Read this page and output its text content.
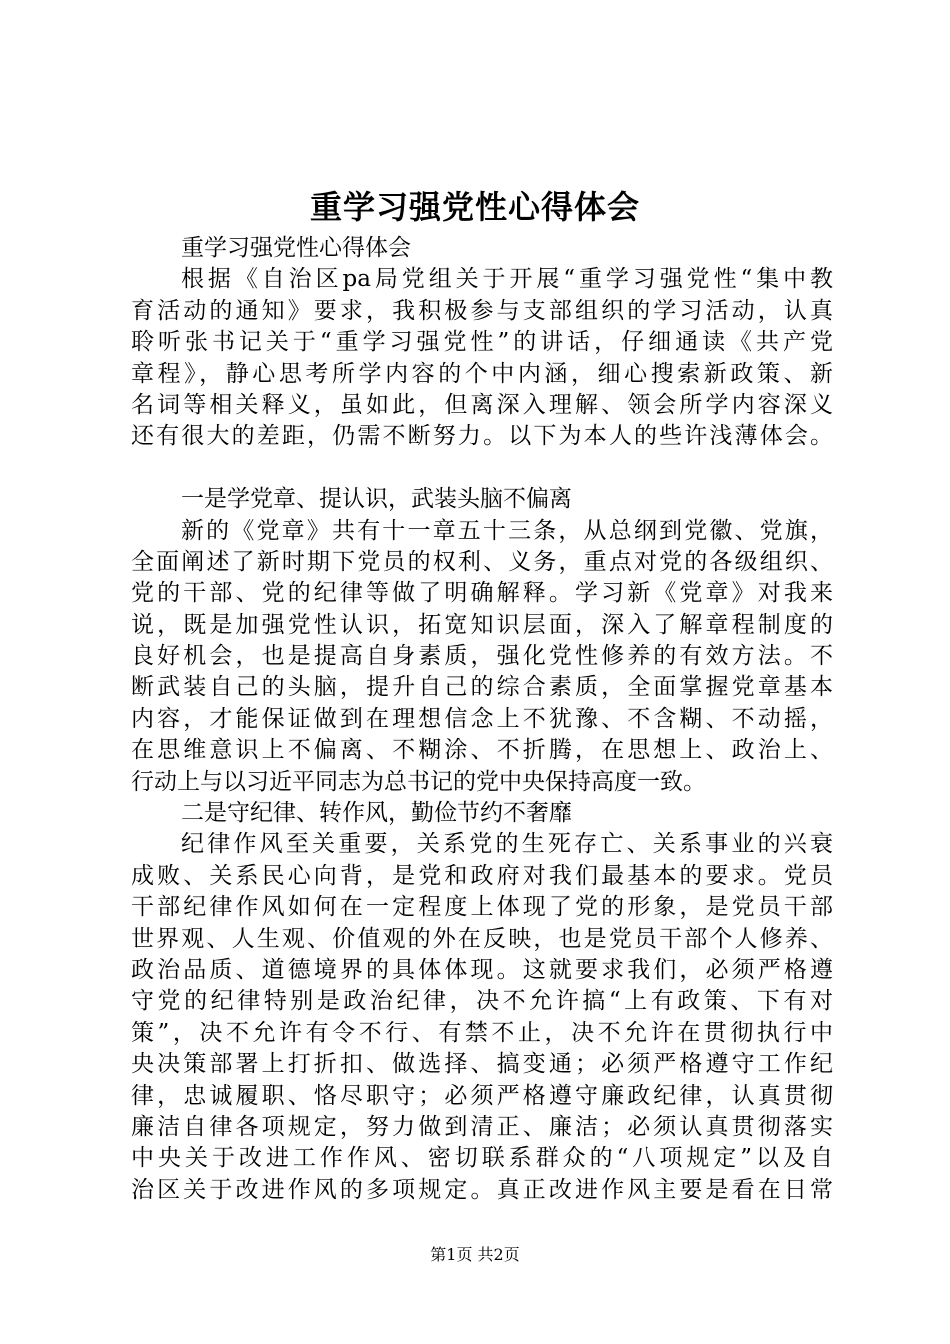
重学习强党性心得体会
重学习强党性心得体会
根据《自治区pa局党组关于开展“重学习强党性“集中教
育活动的通知》要求，我积极参与支部组织的学习活动，认真
聆听张书记关于“重学习强党性”的讲话，仔细通读《共产党
章程》，静心思考所学内容的个中内涵，细心搜索新政策、新
名词等相关释义，虽如此，但离深入理解、领会所学内容深义
还有很大的差距，仍需不断努力。以下为本人的些许浅薄体会。
一是学党章、提认识，武装头脑不偏离
新的《党章》共有十一章五十三条，从总纲到党徽、党旗，
全面阐述了新时期下党员的权利、义务，重点对党的各级组织、
党的干部、党的纪律等做了明确解释。学习新《党章》对我来
说，既是加强党性认识，拓宽知识层面，深入了解章程制度的
良好机会，也是提高自身素质，强化党性修养的有效方法。不
断武装自己的头脑，提升自己的综合素质，全面掌握党章基本
内容，才能保证做到在理想信念上不犹豫、不含糊、不动摇，
在思维意识上不偏离、不糊涂、不折腾，在思想上、政治上、
行动上与以习近平同志为总书记的党中央保持高度一致。
二是守纪律、转作风，勤俭节约不奢靡
纪律作风至关重要，关系党的生死存亡、关系事业的兴衰
成败、关系民心向背，是党和政府对我们最基本的要求。党员
干部纪律作风如何在一定程度上体现了党的形象，是党员干部
世界观、人生观、价值观的外在反映，也是党员干部个人修养、
政治品质、道德境界的具体体现。这就要求我们，必须严格遵
守党的纪律特别是政治纪律，决不允许搞“上有政策、下有对
策”，决不允许有令不行、有禁不止，决不允许在贯彻执行中
央决策部署上打折扣、做选择、搞变通；必须严格遵守工作纪
律，忠诚履职、恪尽职守；必须严格遵守廉政纪律，认真贯彻
廉洁自律各项规定，努力做到清正、廉洁；必须认真贯彻落实
中央关于改进工作作风、密切联系群众的“八项规定”以及自
治区关于改进作风的多项规定。真正改进作风主要是看在日常
第1页 共2页
